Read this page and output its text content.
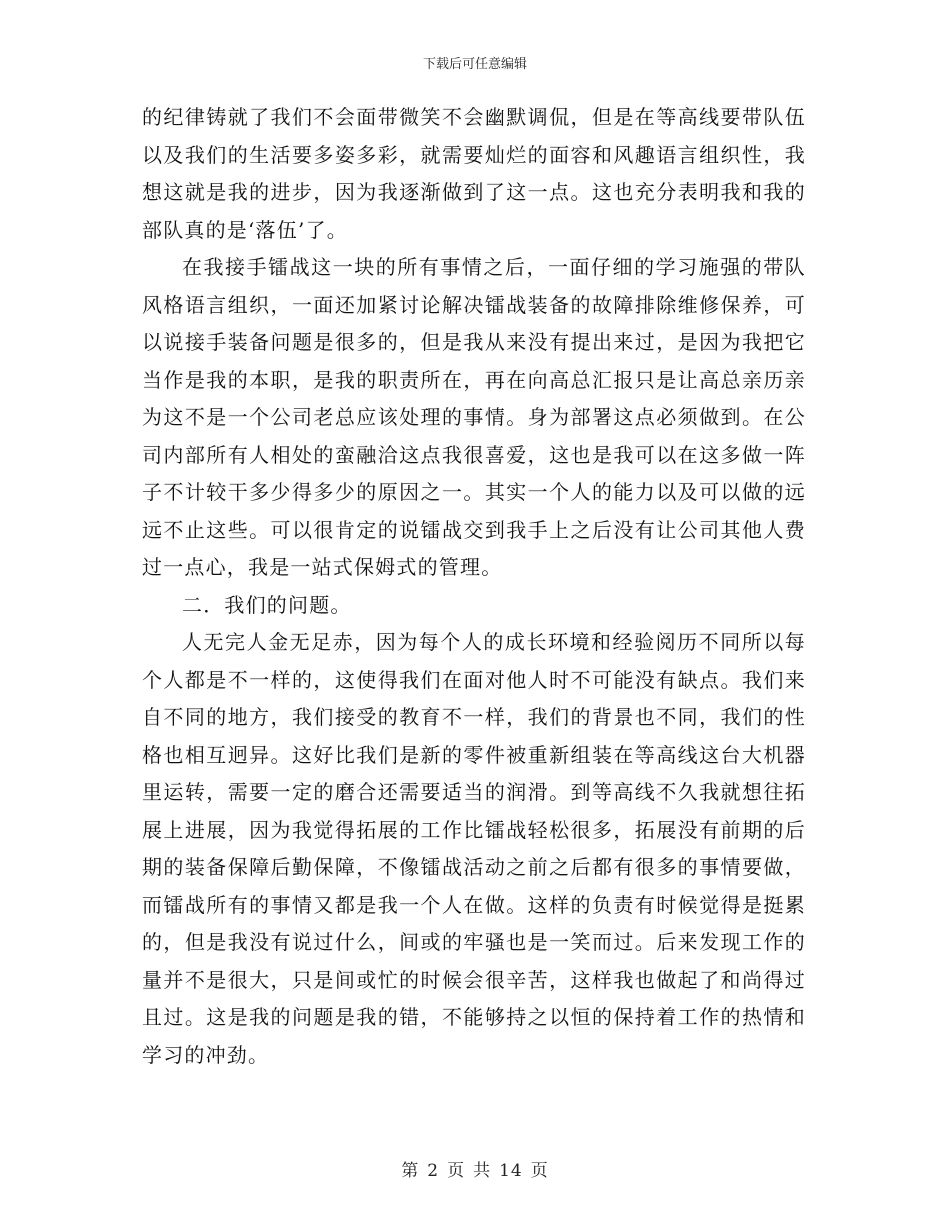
下载后可任意编辑

的纪律铸就了我们不会面带微笑不会幽默调侃，但是在等高线要带队伍以及我们的生活要多姿多彩，就需要灿烂的面容和风趣语言组织性，我想这就是我的进步，因为我逐渐做到了这一点。这也充分表明我和我的部队真的是‘落伍’了。

在我接手镭战这一块的所有事情之后，一面仔细的学习施强的带队风格语言组织，一面还加紧讨论解决镭战装备的故障排除维修保养，可以说接手装备问题是很多的，但是我从来没有提出来过，是因为我把它当作是我的本职，是我的职责所在，再在向高总汇报只是让高总亲历亲为这不是一个公司老总应该处理的事情。身为部署这点必须做到。在公司内部所有人相处的蛮融洽这点我很喜爱，这也是我可以在这多做一阵子不计较干多少得多少的原因之一。其实一个人的能力以及可以做的远远不止这些。可以很肯定的说镭战交到我手上之后没有让公司其他人费过一点心，我是一站式保姆式的管理。

二．我们的问题。

人无完人金无足赤，因为每个人的成长环境和经验阅历不同所以每个人都是不一样的，这使得我们在面对他人时不可能没有缺点。我们来自不同的地方，我们接受的教育不一样，我们的背景也不同，我们的性格也相互迥异。这好比我们是新的零件被重新组装在等高线这台大机器里运转，需要一定的磨合还需要适当的润滑。到等高线不久我就想往拓展上进展，因为我觉得拓展的工作比镭战轻松很多，拓展没有前期的后期的装备保障后勤保障，不像镭战活动之前之后都有很多的事情要做，而镭战所有的事情又都是我一个人在做。这样的负责有时候觉得是挺累的，但是我没有说过什么，间或的牢骚也是一笑而过。后来发现工作的量并不是很大，只是间或忙的时候会很辛苦，这样我也做起了和尚得过且过。这是我的问题是我的错，不能够持之以恒的保持着工作的热情和学习的冲劲。

第 2 页 共 14 页
